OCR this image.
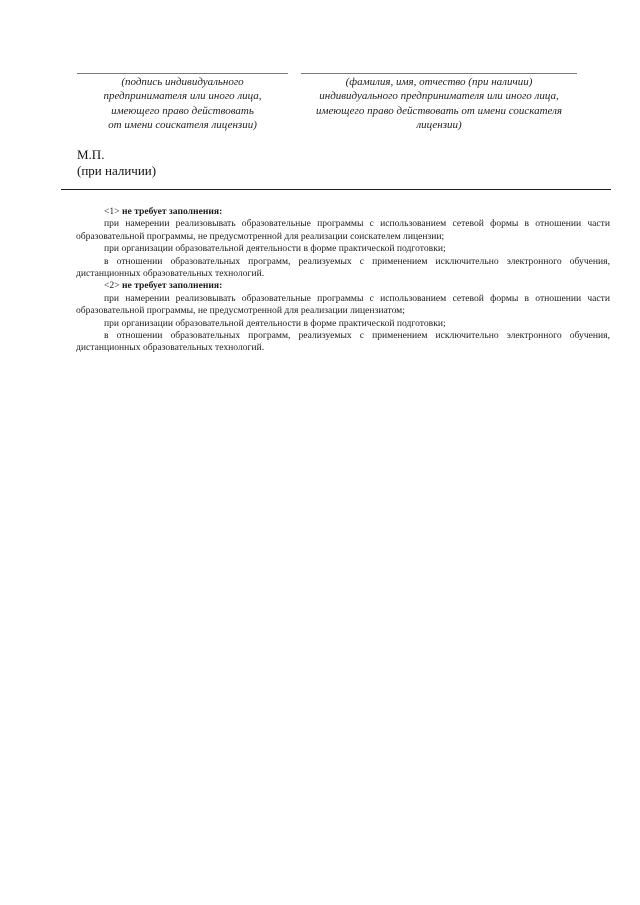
(подпись индивидуального
предпринимателя или иного лица,
имеющего право действовать
от имени соискателя лицензии)
(фамилия, имя, отчество (при наличии)
индивидуального предпринимателя или иного лица,
имеющего право действовать от имени соискателя
лицензии)
М.П.
(при наличии)

<1> не требует заполнения:

при намерении реализовывать образовательные программы с использованием сетевой формы в отношении части образовательной программы, не предусмотренной для реализации соискателем лицензии;

при организации образовательной деятельности в форме практической подготовки;

в отношении образовательных программ, реализуемых с применением исключительно электронного обучения, дистанционных образовательных технологий.

<2> не требует заполнения:

при намерении реализовывать образовательные программы с использованием сетевой формы в отношении части образовательной программы, не предусмотренной для реализации лицензиатом;

при организации образовательной деятельности в форме практической подготовки;

в отношении образовательных программ, реализуемых с применением исключительно электронного обучения, дистанционных образовательных технологий.
